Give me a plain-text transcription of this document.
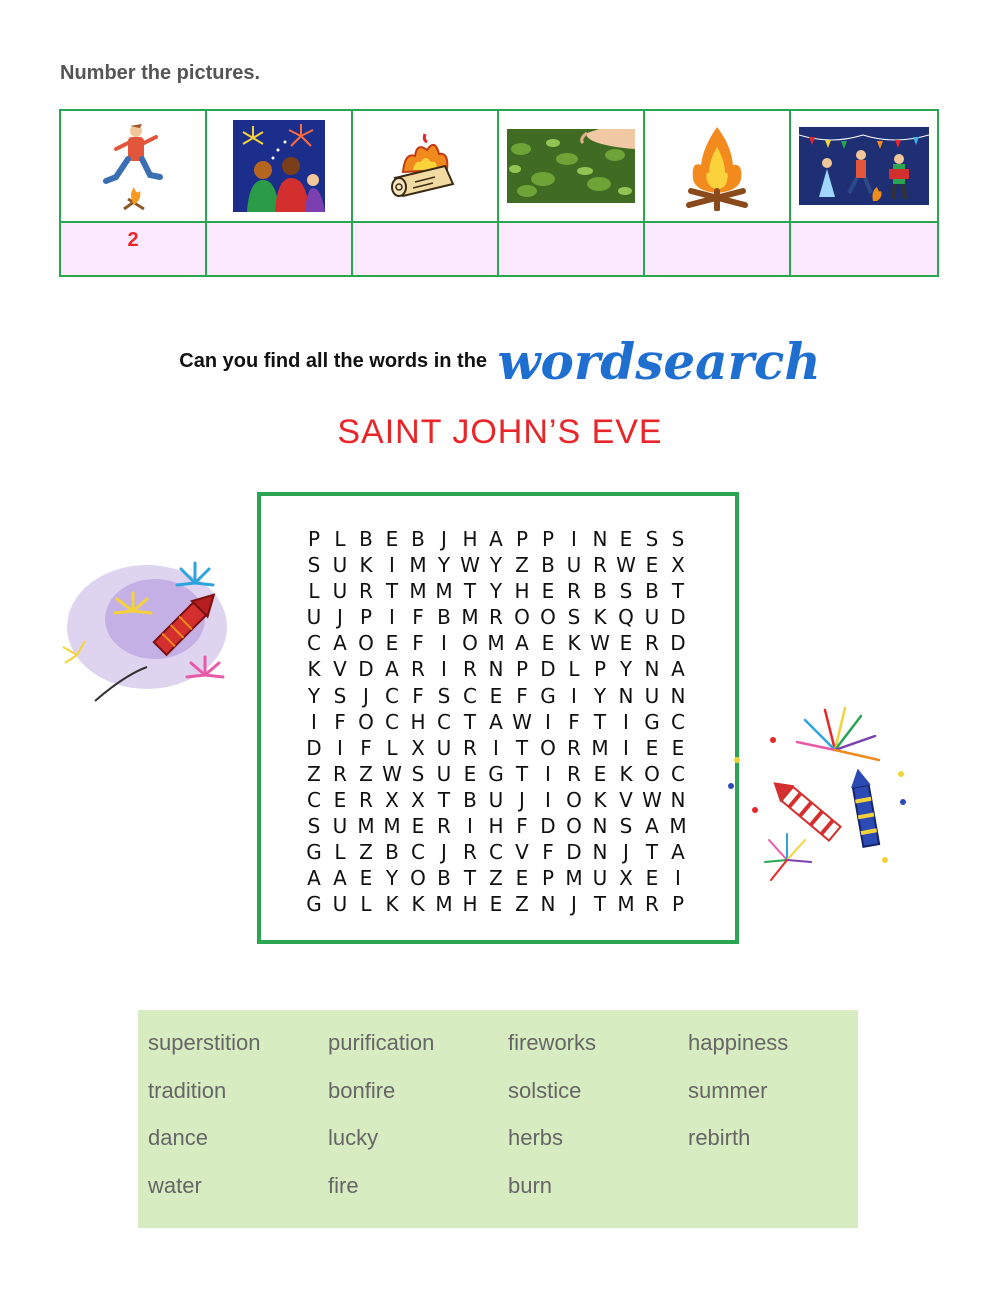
Number the pictures.
2
Can you find all the words in the wordsearch
SAINT JOHN’S EVE
P L B E B J H A P P I N E S S
S U K I M Y W Y Z B U R W E X
L U R T M M T Y H E R B S B T
U J P I F B M R O O S K Q U D
C A O E F I O M A E K W E R D
K V D A R I R N P D L P Y N A
Y S J C F S C E F G I Y N U N
I F O C H C T A W I F T I G C
D I F L X U R I T O R M I E E
Z R Z W S U E G T I R E K O C
C E R X X T B U J	I O K V W N
S U M M E R I H F D O N S A M
G L Z B C J R C V F D N J T A
A A E Y O B T Z E P M U X E I
G U L K K M H E Z N J T M R P
superstition	purification	fireworks	happiness
tradition	bonfire	solstice	summer
dance	lucky	herbs	rebirth
water	fire	burn
